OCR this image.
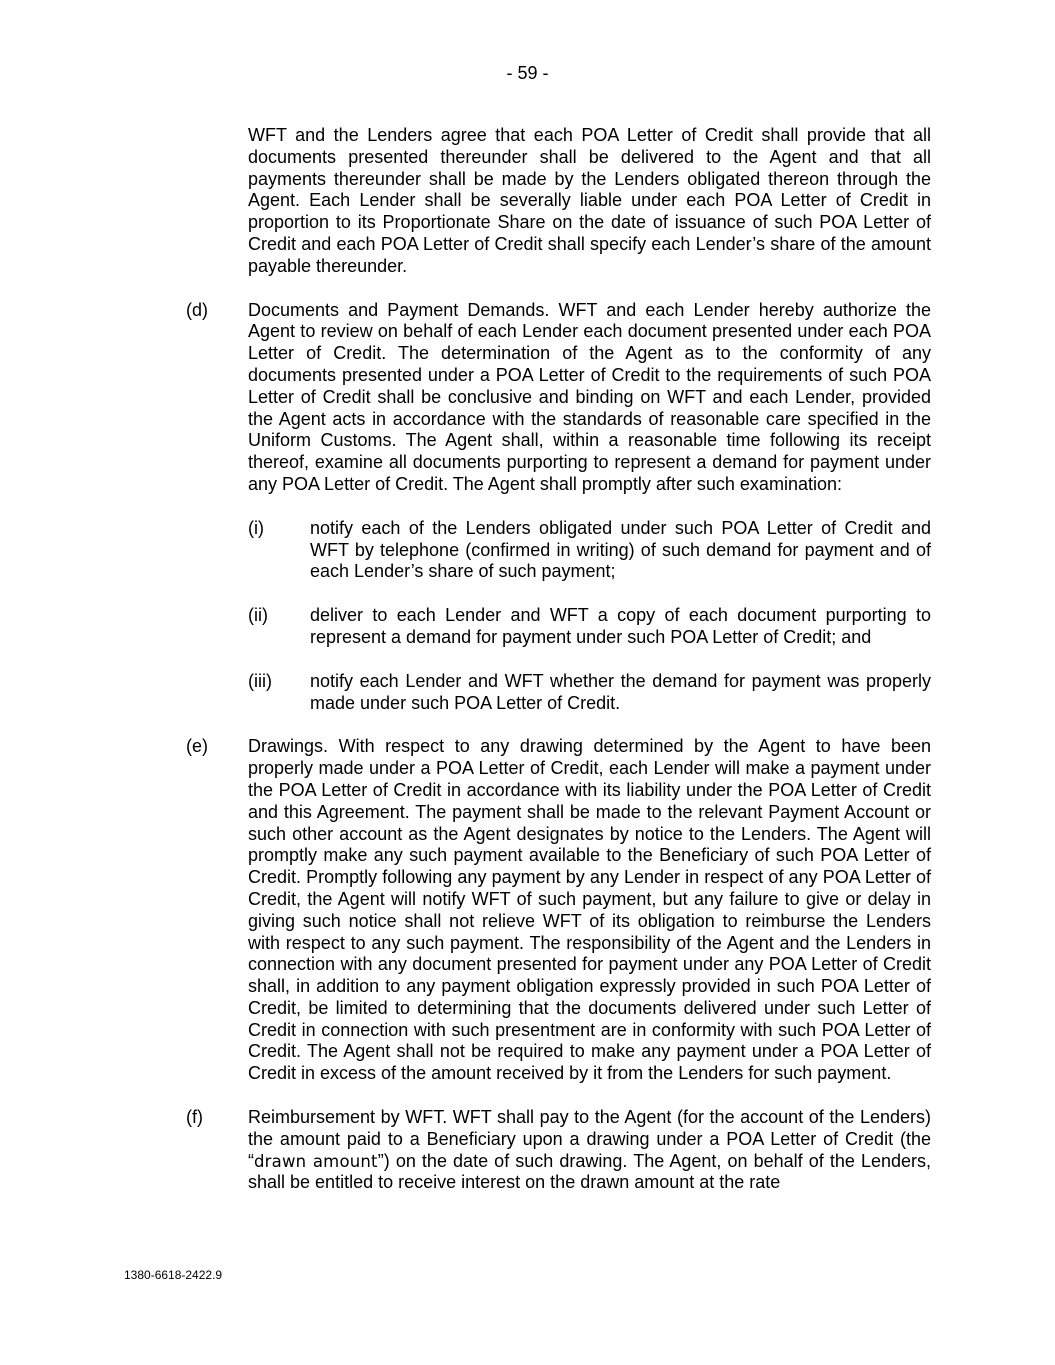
- 59 -

WFT and the Lenders agree that each POA Letter of Credit shall provide that all documents presented thereunder shall be delivered to the Agent and that all payments thereunder shall be made by the Lenders obligated thereon through the Agent. Each Lender shall be severally liable under each POA Letter of Credit in proportion to its Proportionate Share on the date of issuance of such POA Letter of Credit and each POA Letter of Credit shall specify each Lender’s share of the amount payable thereunder.

(d)	Documents and Payment Demands. WFT and each Lender hereby authorize the Agent to review on behalf of each Lender each document presented under each POA Letter of Credit. The determination of the Agent as to the conformity of any documents presented under a POA Letter of Credit to the requirements of such POA Letter of Credit shall be conclusive and binding on WFT and each Lender, provided the Agent acts in accordance with the standards of reasonable care specified in the Uniform Customs. The Agent shall, within a reasonable time following its receipt thereof, examine all documents purporting to represent a demand for payment under any POA Letter of Credit. The Agent shall promptly after such examination:
(i)	notify each of the Lenders obligated under such POA Letter of Credit and WFT by telephone (confirmed in writing) of such demand for payment and of each Lender’s share of such payment;
(ii)	deliver to each Lender and WFT a copy of each document purporting to represent a demand for payment under such POA Letter of Credit; and
(iii)	notify each Lender and WFT whether the demand for payment was properly made under such POA Letter of Credit.
(e)	Drawings. With respect to any drawing determined by the Agent to have been properly made under a POA Letter of Credit, each Lender will make a payment under the POA Letter of Credit in accordance with its liability under the POA Letter of Credit and this Agreement. The payment shall be made to the relevant Payment Account or such other account as the Agent designates by notice to the Lenders. The Agent will promptly make any such payment available to the Beneficiary of such POA Letter of Credit. Promptly following any payment by any Lender in respect of any POA Letter of Credit, the Agent will notify WFT of such payment, but any failure to give or delay in giving such notice shall not relieve WFT of its obligation to reimburse the Lenders with respect to any such payment. The responsibility of the Agent and the Lenders in connection with any document presented for payment under any POA Letter of Credit shall, in addition to any payment obligation expressly provided in such POA Letter of Credit, be limited to determining that the documents delivered under such Letter of Credit in connection with such presentment are in conformity with such POA Letter of Credit. The Agent shall not be required to make any payment under a POA Letter of Credit in excess of the amount received by it from the Lenders for such payment.
(f)	Reimbursement by WFT. WFT shall pay to the Agent (for the account of the Lenders) the amount paid to a Beneficiary upon a drawing under a POA Letter of Credit (the “drawn amount”) on the date of such drawing. The Agent, on behalf of the Lenders, shall be entitled to receive interest on the drawn amount at the rate
1380-6618-2422.9
